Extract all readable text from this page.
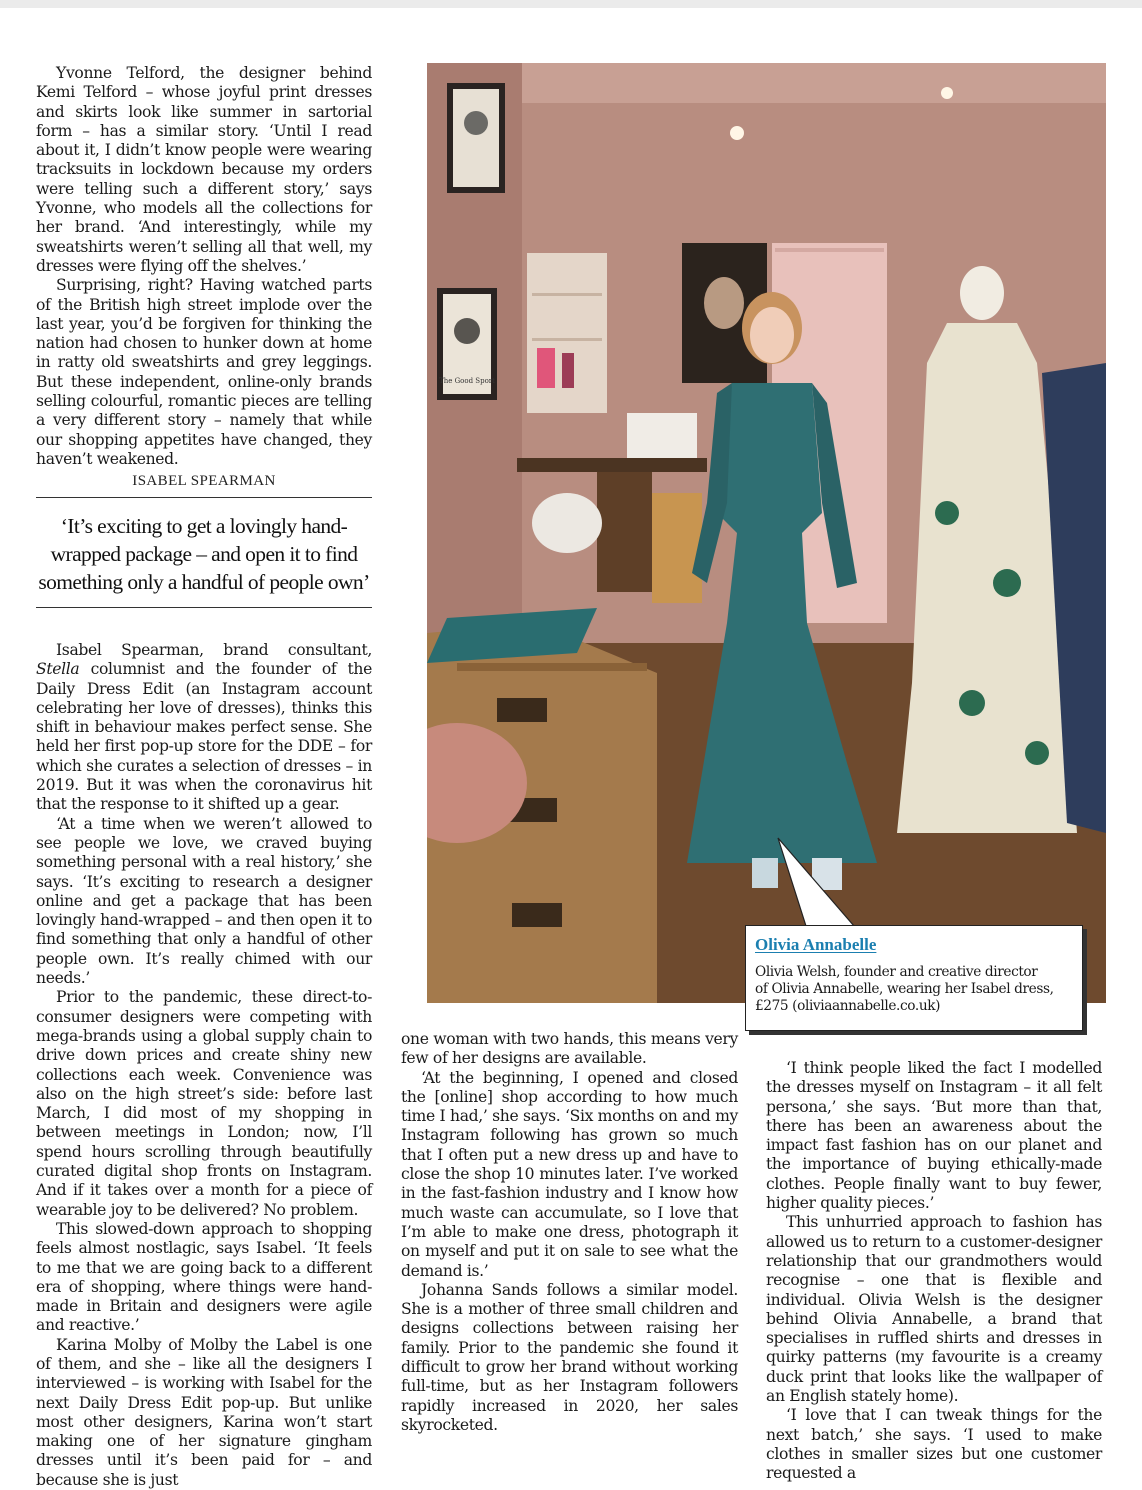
Yvonne Telford, the designer behind Kemi Telford – whose joyful print dresses and skirts look like summer in sartorial form – has a similar story. ‘Until I read about it, I didn’t know people were wearing tracksuits in lockdown because my orders were telling such a different story,’ says Yvonne, who models all the collections for her brand. ‘And interestingly, while my sweatshirts weren’t selling all that well, my dresses were flying off the shelves.’

Surprising, right? Having watched parts of the British high street implode over the last year, you’d be forgiven for thinking the nation had chosen to hunker down at home in ratty old sweatshirts and grey leggings. But these independent, online-only brands selling colourful, romantic pieces are telling a very different story – namely that while our shopping appetites have changed, they haven’t weakened.

ISABEL SPEARMAN
‘It’s exciting to get a lovingly hand-wrapped package – and open it to find something only a handful of people own’

Isabel Spearman, brand consultant, Stella columnist and the founder of the Daily Dress Edit (an Instagram account celebrating her love of dresses), thinks this shift in behaviour makes perfect sense. She held her first pop-up store for the DDE – for which she curates a selection of dresses – in 2019. But it was when the coronavirus hit that the response to it shifted up a gear.

‘At a time when we weren’t allowed to see people we love, we craved buying something personal with a real history,’ she says. ‘It’s exciting to research a designer online and get a package that has been lovingly hand-wrapped – and then open it to find something that only a handful of other people own. It’s really chimed with our needs.’

Prior to the pandemic, these direct-to-consumer designers were competing with mega-brands using a global supply chain to drive down prices and create shiny new collections each week. Convenience was also on the high street’s side: before last March, I did most of my shopping in between meetings in London; now, I’ll spend hours scrolling through beautifully curated digital shop fronts on Instagram. And if it takes over a month for a piece of wearable joy to be delivered? No problem.

This slowed-down approach to shopping feels almost nostlagic, says Isabel. ‘It feels to me that we are going back to a different era of shopping, where things were hand-made in Britain and designers were agile and reactive.’

Karina Molby of Molby the Label is one of them, and she – like all the designers I interviewed – is working with Isabel for the next Daily Dress Edit pop-up. But unlike most other designers, Karina won’t start making one of her signature gingham dresses until it’s been paid for – and because she is just

The Good Sport
Olivia Annabelle
Olivia Welsh, founder and creative director
of Olivia Annabelle, wearing her Isabel dress,
£275 (oliviaannabelle.co.uk)

one woman with two hands, this means very few of her designs are available.

‘At the beginning, I opened and closed the [online] shop according to how much time I had,’ she says. ‘Six months on and my Instagram following has grown so much that I often put a new dress up and have to close the shop 10 minutes later. I’ve worked in the fast-fashion industry and I know how much waste can accumulate, so I love that I’m able to make one dress, photograph it on myself and put it on sale to see what the demand is.’

Johanna Sands follows a similar model. She is a mother of three small children and designs collections between raising her family. Prior to the pandemic she found it difficult to grow her brand without working full-time, but as her Instagram followers rapidly increased in 2020, her sales skyrocketed.

‘I think people liked the fact I modelled the dresses myself on Instagram – it all felt persona,’ she says. ‘But more than that, there has been an awareness about the impact fast fashion has on our planet and the importance of buying ethically-made clothes. People finally want to buy fewer, higher quality pieces.’

This unhurried approach to fashion has allowed us to return to a customer-designer relationship that our grandmothers would recognise – one that is flexible and individual. Olivia Welsh is the designer behind Olivia Annabelle, a brand that specialises in ruffled shirts and dresses in quirky patterns (my favourite is a creamy duck print that looks like the wallpaper of an English stately home).

‘I love that I can tweak things for the next batch,’ she says. ‘I used to make clothes in smaller sizes but one customer requested a
